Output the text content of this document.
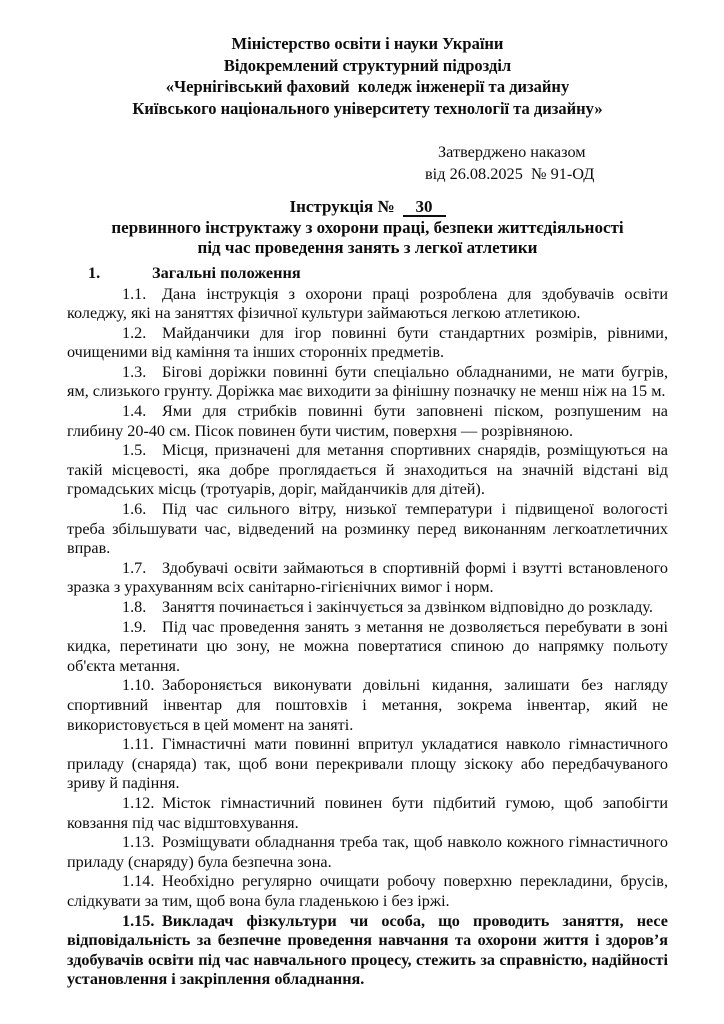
Міністерство освіти і науки України
Відокремлений структурний підрозділ
«Чернігівський фаховий  коледж інженерії та дизайну
Київського національного університету технології та дизайну»
Затверджено наказом
від 26.08.2025  № 91-ОД
Інструкція № 30
первинного інструктажу з охорони праці, безпеки життєдіяльності
під час проведення занять з легкої атлетики
1.	Загальні положення

1.1. Дана інструкція з охорони праці розроблена для здобувачів освіти коледжу, які на заняттях фізичної культури займаються легкою атлетикою.

1.2. Майданчики для ігор повинні бути стандартних розмірів, рівними, очищеними від каміння та інших сторонніх предметів.

1.3. Бігові доріжки повинні бути спеціально обладнаними, не мати бугрів, ям, слизького грунту. Доріжка має виходити за фінішну позначку не менш ніж на 15 м.

1.4. Ями для стрибків повинні бути заповнені піском, розпушеним на глибину 20-40 см. Пісок повинен бути чистим, поверхня — розрівняною.

1.5. Місця, призначені для метання спортивних снарядів, розміщуються на такій місцевості, яка добре проглядається й знаходиться на значній відстані від громадських місць (тротуарів, доріг, майданчиків для дітей).

1.6. Під час сильного вітру, низької температури і підвищеної вологості треба збільшувати час, відведений на розминку перед виконанням легкоатлетичних вправ.

1.7. Здобувачі освіти займаються в спортивній формі і взутті встановленого зразка з урахуванням всіх санітарно-гігієнічних вимог і норм.

1.8. Заняття починається і закінчується за дзвінком відповідно до розкладу.

1.9. Під час проведення занять з метання не дозволяється перебувати в зоні кидка, перетинати цю зону, не можна повертатися спиною до напрямку польоту об'єкта метання.

1.10. Забороняється виконувати довільні кидання, залишати без нагляду спортивний інвентар для поштовхів і метання, зокрема інвентар, який не використовується в цей момент на заняті.

1.11. Гімнастичні мати повинні впритул укладатися навколо гімнастичного приладу (снаряда) так, щоб вони перекривали площу зіскоку або передбачуваного зриву й падіння.

1.12. Місток гімнастичний повинен бути підбитий гумою, щоб запобігти ковзання під час відштовхування.

1.13. Розміщувати обладнання треба так, щоб навколо кожного гімнастичного приладу (снаряду) була безпечна зона.

1.14. Необхідно регулярно очищати робочу поверхню перекладини, брусів, слідкувати за тим, щоб вона була гладенькою і без іржі.

1.15. Викладач фізкультури чи особа, що проводить заняття, несе відповідальність за безпечне проведення навчання та охорони життя і здоров’я здобувачів освіти під час навчального процесу, стежить за справністю, надійності установлення і закріплення обладнання.
